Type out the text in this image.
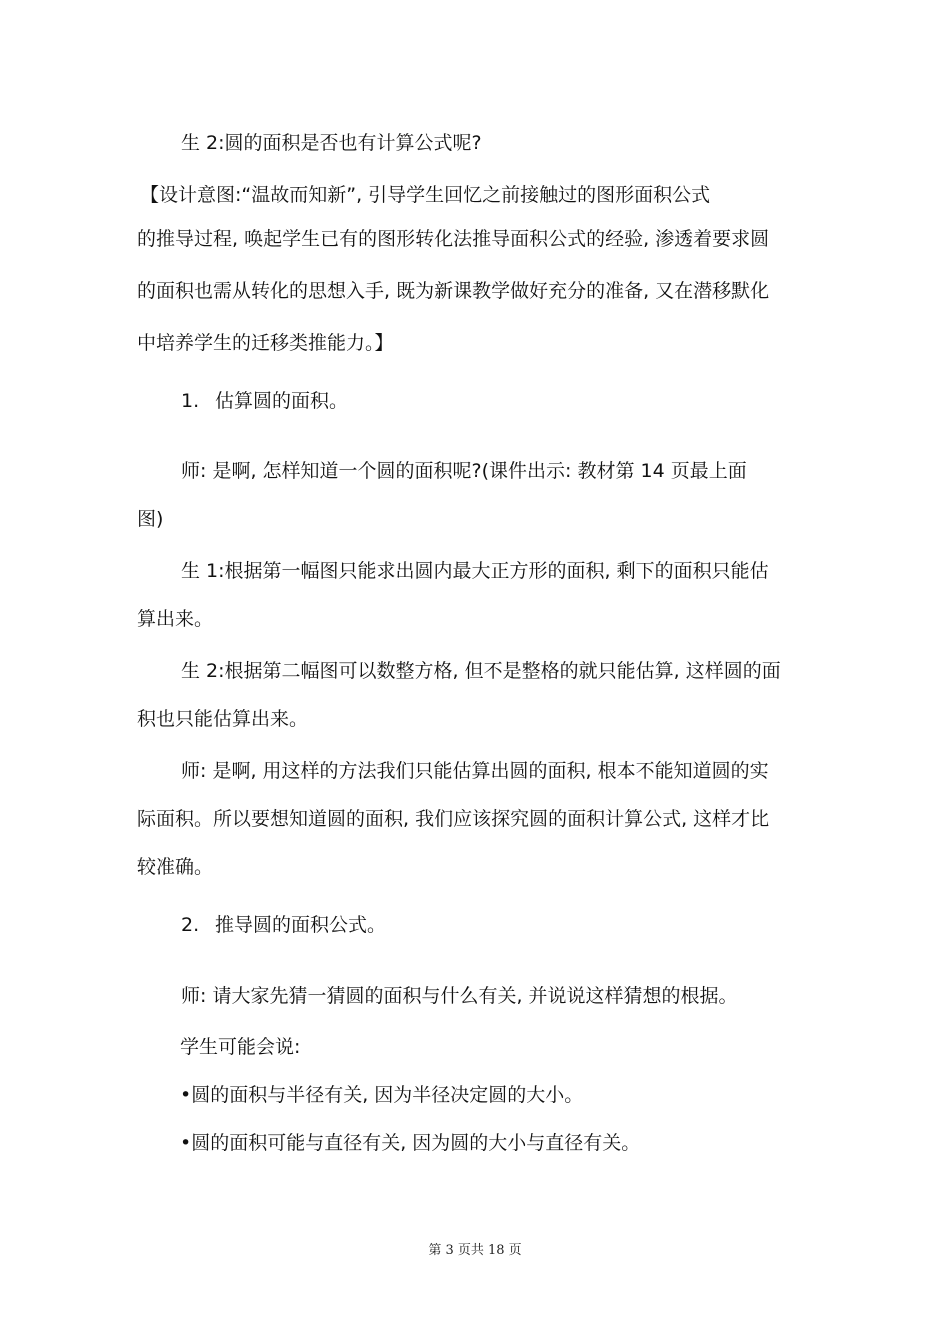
生 2:圆的面积是否也有计算公式呢?
【设计意图:“温故而知新”, 引导学生回忆之前接触过的图形面积公式
的推导过程, 唤起学生已有的图形转化法推导面积公式的经验, 渗透着要求圆
的面积也需从转化的思想入手, 既为新课教学做好充分的准备, 又在潜移默化
中培养学生的迁移类推能力。】
1. 估算圆的面积。
师: 是啊, 怎样知道一个圆的面积呢?(课件出示: 教材第 14 页最上面
图)
生 1:根据第一幅图只能求出圆内最大正方形的面积, 剩下的面积只能估
算出来。
生 2:根据第二幅图可以数整方格, 但不是整格的就只能估算, 这样圆的面
积也只能估算出来。
师: 是啊, 用这样的方法我们只能估算出圆的面积, 根本不能知道圆的实
际面积。所以要想知道圆的面积, 我们应该探究圆的面积计算公式, 这样才比
较准确。
2. 推导圆的面积公式。
师: 请大家先猜一猜圆的面积与什么有关, 并说说这样猜想的根据。
学生可能会说:
•圆的面积与半径有关, 因为半径决定圆的大小。
•圆的面积可能与直径有关, 因为圆的大小与直径有关。
第 3 页共 18 页
